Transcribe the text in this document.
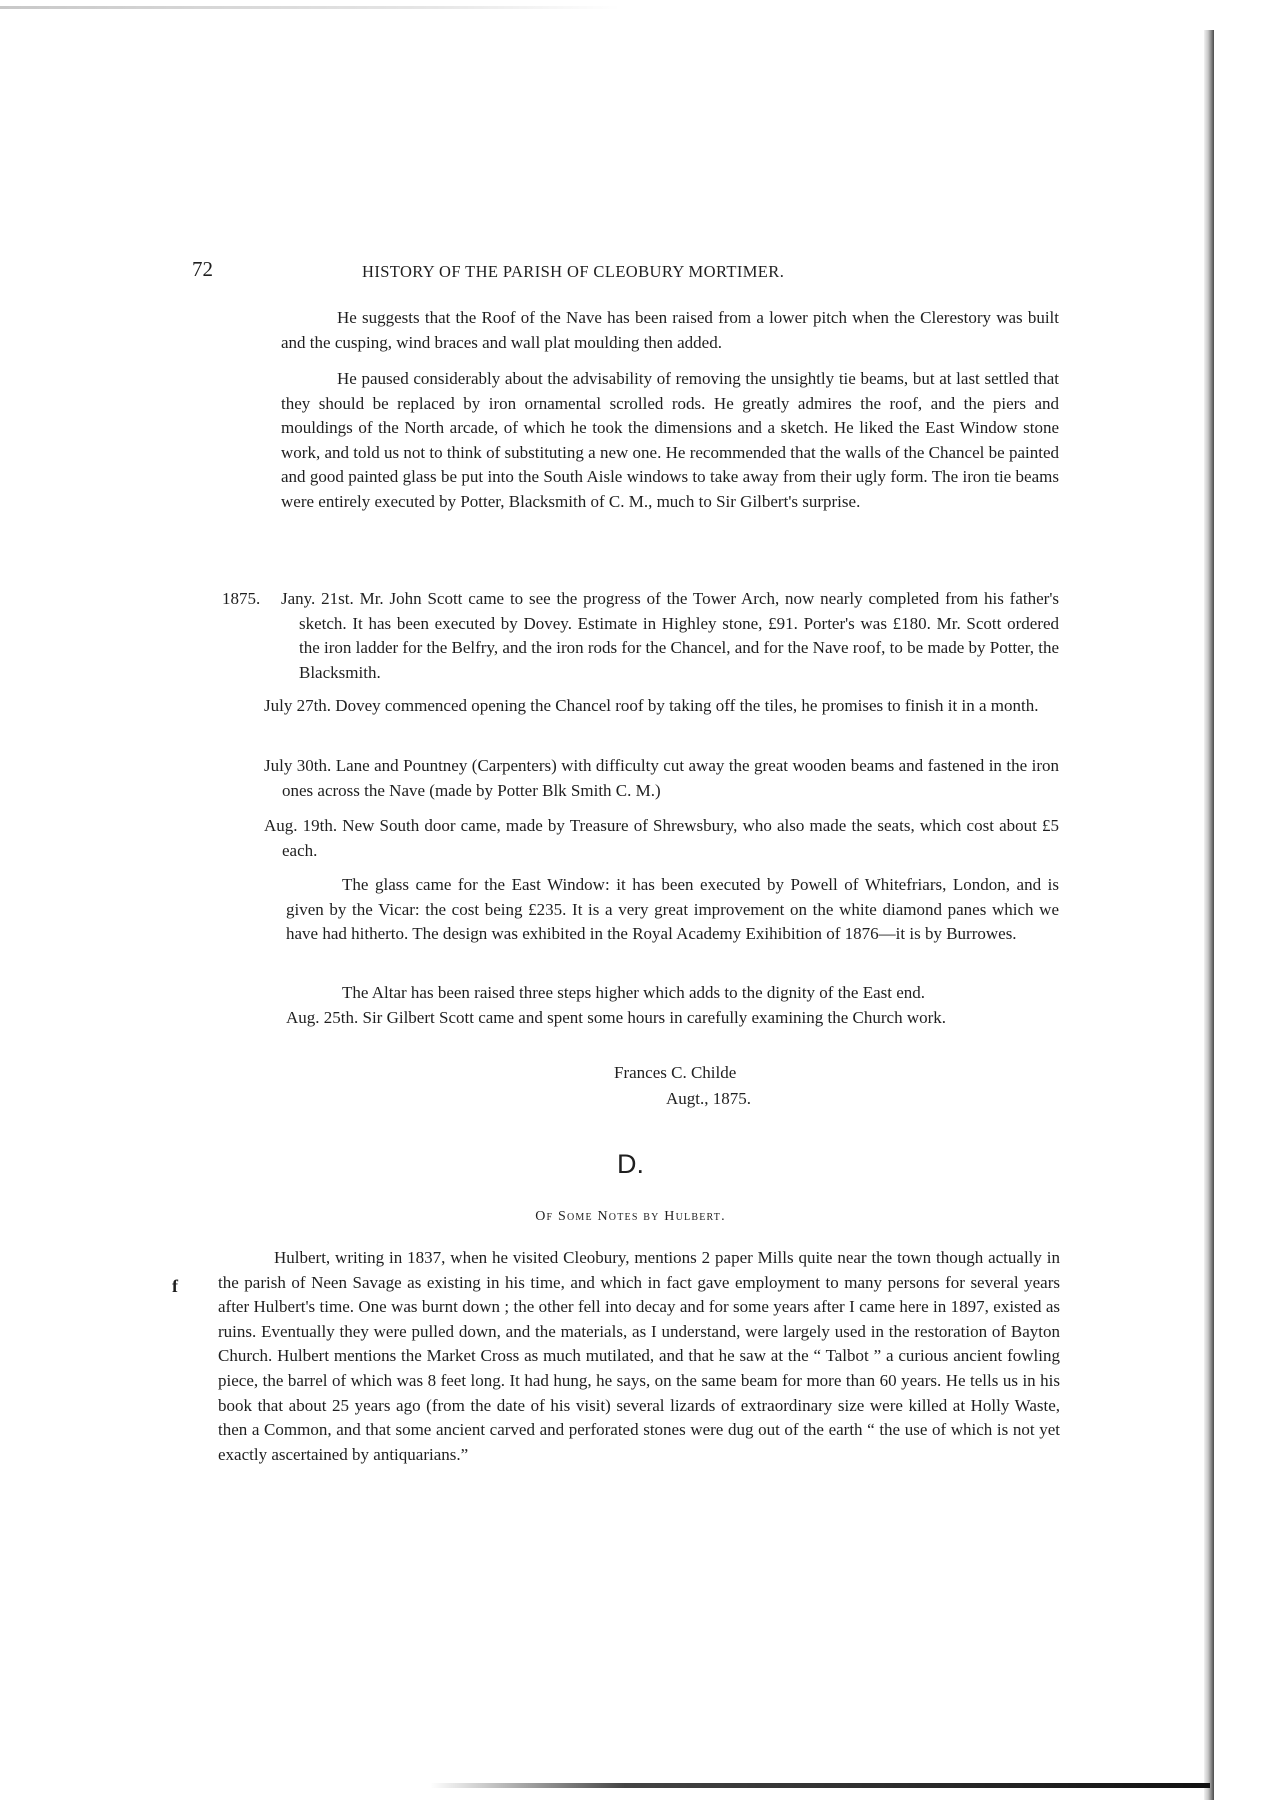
72	HISTORY OF THE PARISH OF CLEOBURY MORTIMER.

He suggests that the Roof of the Nave has been raised from a lower pitch when the Clerestory was built and the cusping, wind braces and wall plat moulding then added.

He paused considerably about the advisability of removing the unsightly tie beams, but at last settled that they should be replaced by iron ornamental scrolled rods. He greatly admires the roof, and the piers and mouldings of the North arcade, of which he took the dimensions and a sketch. He liked the East Window stone work, and told us not to think of substituting a new one. He recommended that the walls of the Chancel be painted and good painted glass be put into the South Aisle windows to take away from their ugly form. The iron tie beams were entirely executed by Potter, Blacksmith of C. M., much to Sir Gilbert's surprise.

1875. Jany. 21st. Mr. John Scott came to see the progress of the Tower Arch, now nearly completed from his father's sketch. It has been executed by Dovey. Estimate in Highley stone, £91. Porter's was £180. Mr. Scott ordered the iron ladder for the Belfry, and the iron rods for the Chancel, and for the Nave roof, to be made by Potter, the Blacksmith.

July 27th. Dovey commenced opening the Chancel roof by taking off the tiles, he promises to finish it in a month.

July 30th. Lane and Pountney (Carpenters) with difficulty cut away the great wooden beams and fastened in the iron ones across the Nave (made by Potter Blk Smith C. M.)

Aug. 19th. New South door came, made by Treasure of Shrewsbury, who also made the seats, which cost about £5 each.

The glass came for the East Window: it has been executed by Powell of Whitefriars, London, and is given by the Vicar: the cost being £235. It is a very great improvement on the white diamond panes which we have had hitherto. The design was exhibited in the Royal Academy Exihibition of 1876—it is by Burrowes.

The Altar has been raised three steps higher which adds to the dignity of the East end.

Aug. 25th. Sir Gilbert Scott came and spent some hours in carefully examining the Church work.

Frances C. Childe
Augt., 1875.
D.
Of Some Notes by Hulbert.
f

Hulbert, writing in 1837, when he visited Cleobury, mentions 2 paper Mills quite near the town though actually in the parish of Neen Savage as existing in his time, and which in fact gave employment to many persons for several years after Hulbert's time. One was burnt down ; the other fell into decay and for some years after I came here in 1897, existed as ruins. Eventually they were pulled down, and the materials, as I understand, were largely used in the restoration of Bayton Church. Hulbert mentions the Market Cross as much mutilated, and that he saw at the “ Talbot ” a curious ancient fowling piece, the barrel of which was 8 feet long. It had hung, he says, on the same beam for more than 60 years. He tells us in his book that about 25 years ago (from the date of his visit) several lizards of extraordinary size were killed at Holly Waste, then a Common, and that some ancient carved and perforated stones were dug out of the earth “ the use of which is not yet exactly ascertained by antiquarians.”
